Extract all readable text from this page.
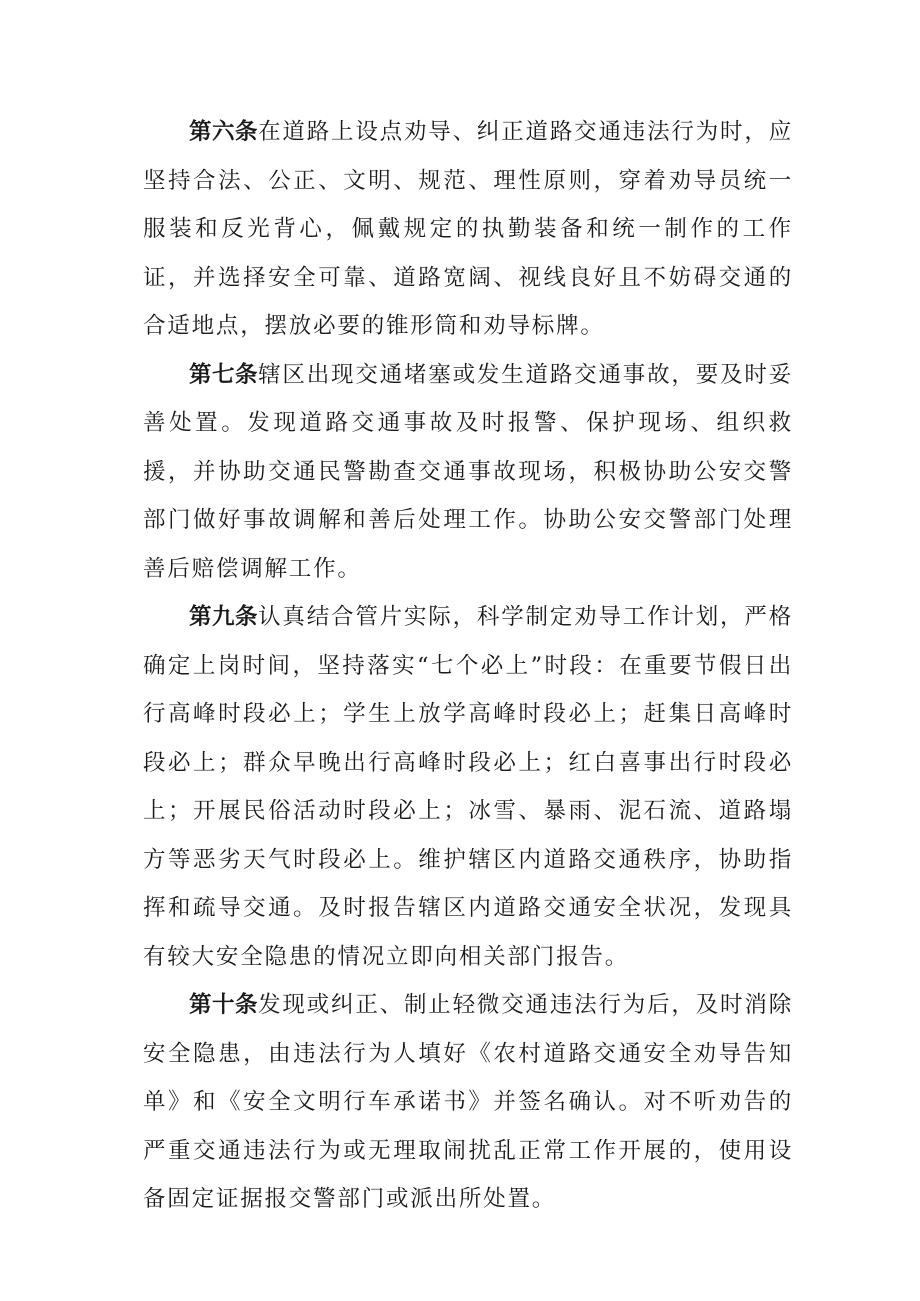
第六条在道路上设点劝导、纠正道路交通违法行为时，应坚持合法、公正、文明、规范、理性原则，穿着劝导员统一服装和反光背心，佩戴规定的执勤装备和统一制作的工作证，并选择安全可靠、道路宽阔、视线良好且不妨碍交通的合适地点，摆放必要的锥形筒和劝导标牌。

第七条辖区出现交通堵塞或发生道路交通事故，要及时妥善处置。发现道路交通事故及时报警、保护现场、组织救援，并协助交通民警勘查交通事故现场，积极协助公安交警部门做好事故调解和善后处理工作。协助公安交警部门处理善后赔偿调解工作。

第九条认真结合管片实际，科学制定劝导工作计划，严格确定上岗时间，坚持落实“七个必上”时段：在重要节假日出行高峰时段必上；学生上放学高峰时段必上；赶集日高峰时段必上；群众早晚出行高峰时段必上；红白喜事出行时段必上；开展民俗活动时段必上；冰雪、暴雨、泥石流、道路塌方等恶劣天气时段必上。维护辖区内道路交通秩序，协助指挥和疏导交通。及时报告辖区内道路交通安全状况，发现具有较大安全隐患的情况立即向相关部门报告。

第十条发现或纠正、制止轻微交通违法行为后，及时消除安全隐患，由违法行为人填好《农村道路交通安全劝导告知单》和《安全文明行车承诺书》并签名确认。对不听劝告的严重交通违法行为或无理取闹扰乱正常工作开展的，使用设备固定证据报交警部门或派出所处置。
